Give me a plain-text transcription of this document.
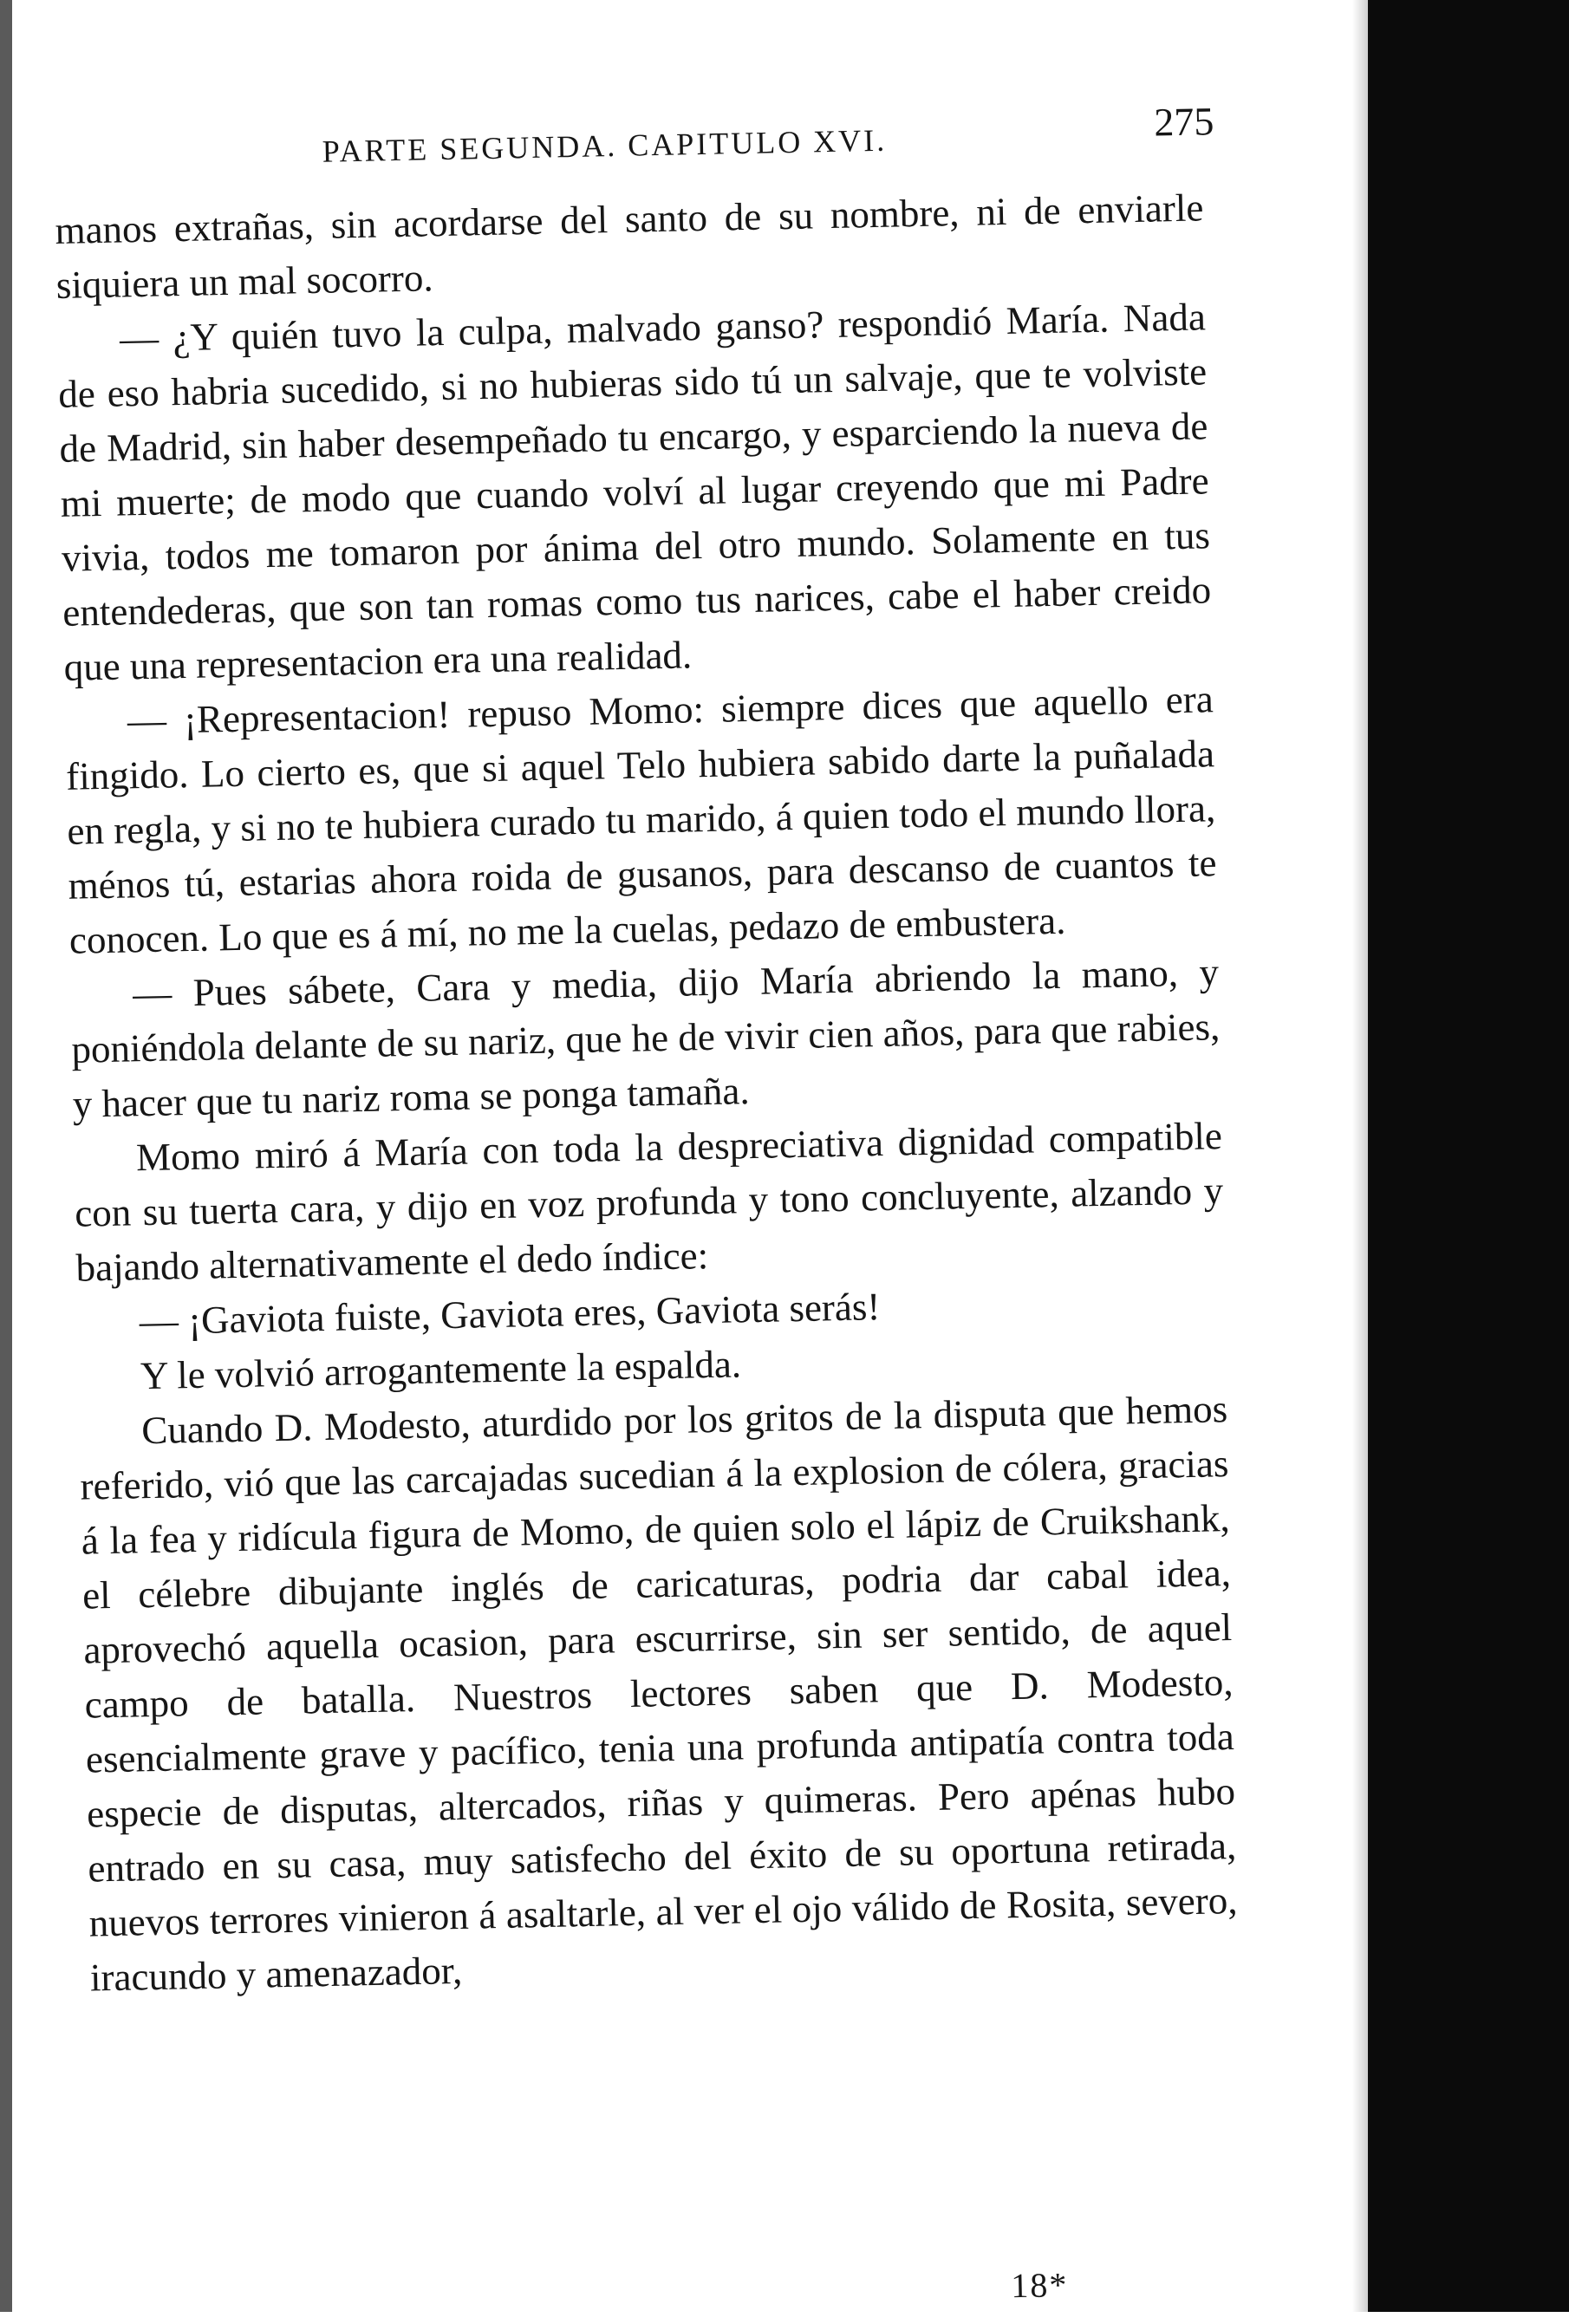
PARTE SEGUNDA. CAPITULO XVI.
275

manos extrañas, sin acordarse del santo de su nombre, ni de enviarle siquiera un mal socorro.

— ¿Y quién tuvo la culpa, malvado ganso? respondió María. Nada de eso habria sucedido, si no hubieras sido tú un salvaje, que te volviste de Madrid, sin haber desempeñado tu encargo, y esparciendo la nueva de mi muerte; de modo que cuando volví al lugar creyendo que mi Padre vivia, todos me tomaron por ánima del otro mundo. Solamente en tus entendederas, que son tan romas como tus narices, cabe el haber creido que una representacion era una realidad.

— ¡Representacion! repuso Momo: siempre dices que aquello era fingido. Lo cierto es, que si aquel Telo hubiera sabido darte la puñalada en regla, y si no te hubiera curado tu marido, á quien todo el mundo llora, ménos tú, estarias ahora roida de gusanos, para descanso de cuantos te conocen. Lo que es á mí, no me la cuelas, pedazo de embustera.

— Pues sábete, Cara y media, dijo María abriendo la mano, y poniéndola delante de su nariz, que he de vivir cien años, para que rabies, y hacer que tu nariz roma se ponga tamaña.

Momo miró á María con toda la despreciativa dignidad compatible con su tuerta cara, y dijo en voz profunda y tono concluyente, alzando y bajando alternativamente el dedo índice:

— ¡Gaviota fuiste, Gaviota eres, Gaviota serás!

Y le volvió arrogantemente la espalda.

Cuando D. Modesto, aturdido por los gritos de la disputa que hemos referido, vió que las carcajadas sucedian á la explosion de cólera, gracias á la fea y ridícula figura de Momo, de quien solo el lápiz de Cruikshank, el célebre dibujante inglés de caricaturas, podria dar cabal idea, aprovechó aquella ocasion, para escurrirse, sin ser sentido, de aquel campo de batalla. Nuestros lectores saben que D. Modesto, esencialmente grave y pacífico, tenia una profunda antipatía contra toda especie de disputas, altercados, riñas y quimeras. Pero apénas hubo entrado en su casa, muy satisfecho del éxito de su oportuna retirada, nuevos terrores vinieron á asaltarle, al ver el ojo válido de Rosita, severo, iracundo y amenazador,

18*
